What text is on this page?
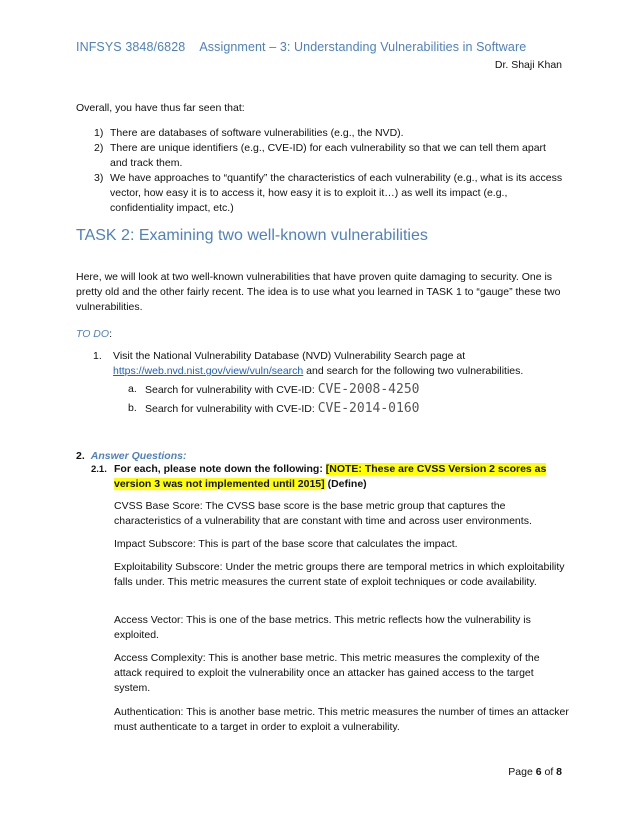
INFSYS 3848/6828 Assignment – 3: Understanding Vulnerabilities in Software
Dr. Shaji Khan
Overall, you have thus far seen that:
1) There are databases of software vulnerabilities (e.g., the NVD).
2) There are unique identifiers (e.g., CVE-ID) for each vulnerability so that we can tell them apart and track them.
3) We have approaches to “quantify” the characteristics of each vulnerability (e.g., what is its access vector, how easy it is to access it, how easy it is to exploit it…) as well its impact (e.g., confidentiality impact, etc.)
TASK 2: Examining two well-known vulnerabilities
Here, we will look at two well-known vulnerabilities that have proven quite damaging to security. One is pretty old and the other fairly recent. The idea is to use what you learned in TASK 1 to “gauge” these two vulnerabilities.
TO DO:
1. Visit the National Vulnerability Database (NVD) Vulnerability Search page at
https://web.nvd.nist.gov/view/vuln/search and search for the following two vulnerabilities.
a. Search for vulnerability with CVE-ID: CVE-2008-4250
b. Search for vulnerability with CVE-ID: CVE-2014-0160
2. Answer Questions:
2.1. For each, please note down the following: [NOTE: These are CVSS Version 2 scores as version 3 was not implemented until 2015] (Define)
CVSS Base Score: The CVSS base score is the base metric group that captures the characteristics of a vulnerability that are constant with time and across user environments.
Impact Subscore: This is part of the base score that calculates the impact.
Exploitability Subscore: Under the metric groups there are temporal metrics in which exploitability falls under. This metric measures the current state of exploit techniques or code availability.
Access Vector: This is one of the base metrics. This metric reflects how the vulnerability is exploited.
Access Complexity: This is another base metric. This metric measures the complexity of the attack required to exploit the vulnerability once an attacker has gained access to the target system.
Authentication: This is another base metric. This metric measures the number of times an attacker must authenticate to a target in order to exploit a vulnerability.
Page 6 of 8
